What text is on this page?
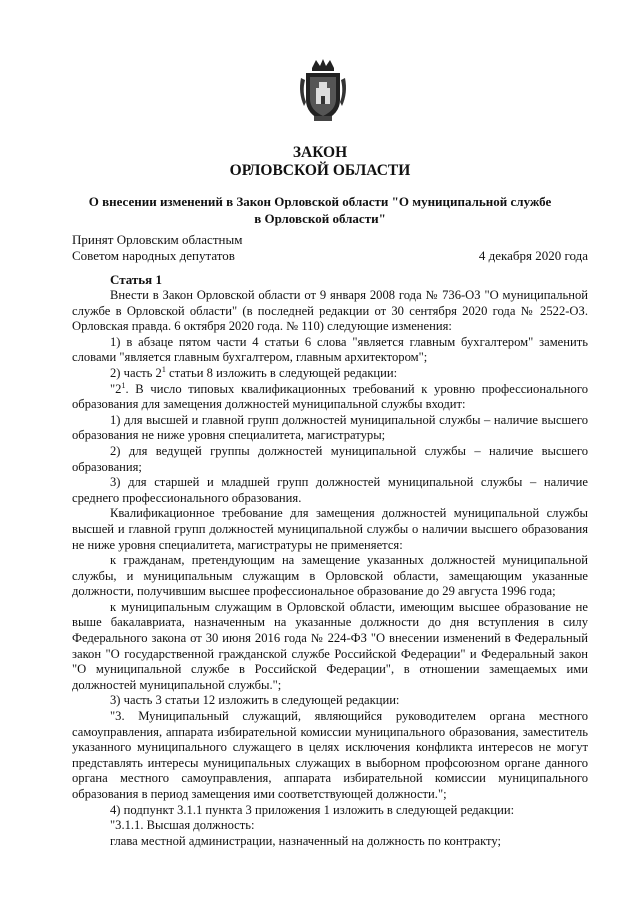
ЗАКОН
ОРЛОВСКОЙ ОБЛАСТИ
О внесении изменений в Закон Орловской области "О муниципальной службе
в Орловской области"
Принят Орловским областным
Советом народных депутатов	4 декабря 2020 года
Статья 1

Внести в Закон Орловской области от 9 января 2008 года № 736-ОЗ "О муниципальной службе в Орловской области" (в последней редакции от 30 сентября 2020 года № 2522-ОЗ. Орловская правда. 6 октября 2020 года. № 110) следующие изменения:

1) в абзаце пятом части 4 статьи 6 слова "является главным бухгалтером" заменить словами "является главным бухгалтером, главным архитектором";

2) часть $2^1$ статьи 8 изложить в следующей редакции:

"$2^1$. В число типовых квалификационных требований к уровню профессионального образования для замещения должностей муниципальной службы входит:

1) для высшей и главной групп должностей муниципальной службы – наличие высшего образования не ниже уровня специалитета, магистратуры;

2) для ведущей группы должностей муниципальной службы – наличие высшего образования;

3) для старшей и младшей групп должностей муниципальной службы – наличие среднего профессионального образования.

Квалификационное требование для замещения должностей муниципальной службы высшей и главной групп должностей муниципальной службы о наличии высшего образования не ниже уровня специалитета, магистратуры не применяется:

к гражданам, претендующим на замещение указанных должностей муниципальной службы, и муниципальным служащим в Орловской области, замещающим указанные должности, получившим высшее профессиональное образование до 29 августа 1996 года;

к муниципальным служащим в Орловской области, имеющим высшее образование не выше бакалавриата, назначенным на указанные должности до дня вступления в силу Федерального закона от 30 июня 2016 года № 224-ФЗ "О внесении изменений в Федеральный закон "О государственной гражданской службе Российской Федерации" и Федеральный закон "О муниципальной службе в Российской Федерации", в отношении замещаемых ими должностей муниципальной службы.";

3) часть 3 статьи 12 изложить в следующей редакции:

"3. Муниципальный служащий, являющийся руководителем органа местного самоуправления, аппарата избирательной комиссии муниципального образования, заместитель указанного муниципального служащего в целях исключения конфликта интересов не могут представлять интересы муниципальных служащих в выборном профсоюзном органе данного органа местного самоуправления, аппарата избирательной комиссии муниципального образования в период замещения ими соответствующей должности.";

4) подпункт 3.1.1 пункта 3 приложения 1 изложить в следующей редакции:

"3.1.1. Высшая должность:

глава местной администрации, назначенный на должность по контракту;
